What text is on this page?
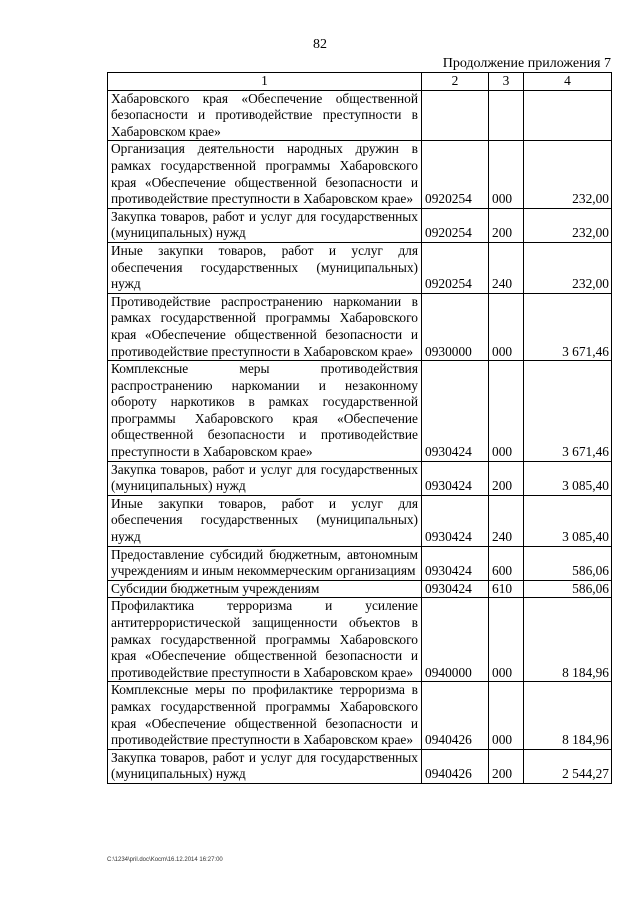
82
Продолжение приложения 7
1	2	3	4
Хабаровского края «Обеспечение общественной безопасности и противодействие преступности в Хабаровском крае»			
Организация деятельности народных дружин в рамках государственной программы Хабаровского края «Обеспечение общественной безопасности и противодействие преступности в Хабаровском крае»	0920254	000	232,00
Закупка товаров, работ и услуг для государственных (муниципальных) нужд	0920254	200	232,00
Иные закупки товаров, работ и услуг для обеспечения государственных (муниципальных) нужд	0920254	240	232,00
Противодействие распространению наркомании в рамках государственной программы Хабаровского края «Обеспечение общественной безопасности и противодействие преступности в Хабаровском крае»	0930000	000	3 671,46
Комплексные меры противодействия распространению наркомании и незаконному обороту наркотиков в рамках государственной программы Хабаровского края «Обеспечение общественной безопасности и противодействие преступности в Хабаровском крае»	0930424	000	3 671,46
Закупка товаров, работ и услуг для государственных (муниципальных) нужд	0930424	200	3 085,40
Иные закупки товаров, работ и услуг для обеспечения государственных (муниципальных) нужд	0930424	240	3 085,40
Предоставление субсидий бюджетным, автономным учреждениям и иным некоммерческим организациям	0930424	600	586,06
Субсидии бюджетным учреждениям	0930424	610	586,06
Профилактика терроризма и усиление антитеррористической защищенности объектов в рамках государственной программы Хабаровского края «Обеспечение общественной безопасности и противодействие преступности в Хабаровском крае»	0940000	000	8 184,96
Комплексные меры по профилактике терроризма в рамках государственной программы Хабаровского края «Обеспечение общественной безопасности и противодействие преступности в Хабаровском крае»	0940426	000	8 184,96
Закупка товаров, работ и услуг для государственных (муниципальных) нужд	0940426	200	2 544,27
C:\1234\pril.doc\Kocm\16.12.2014 16:27:00
